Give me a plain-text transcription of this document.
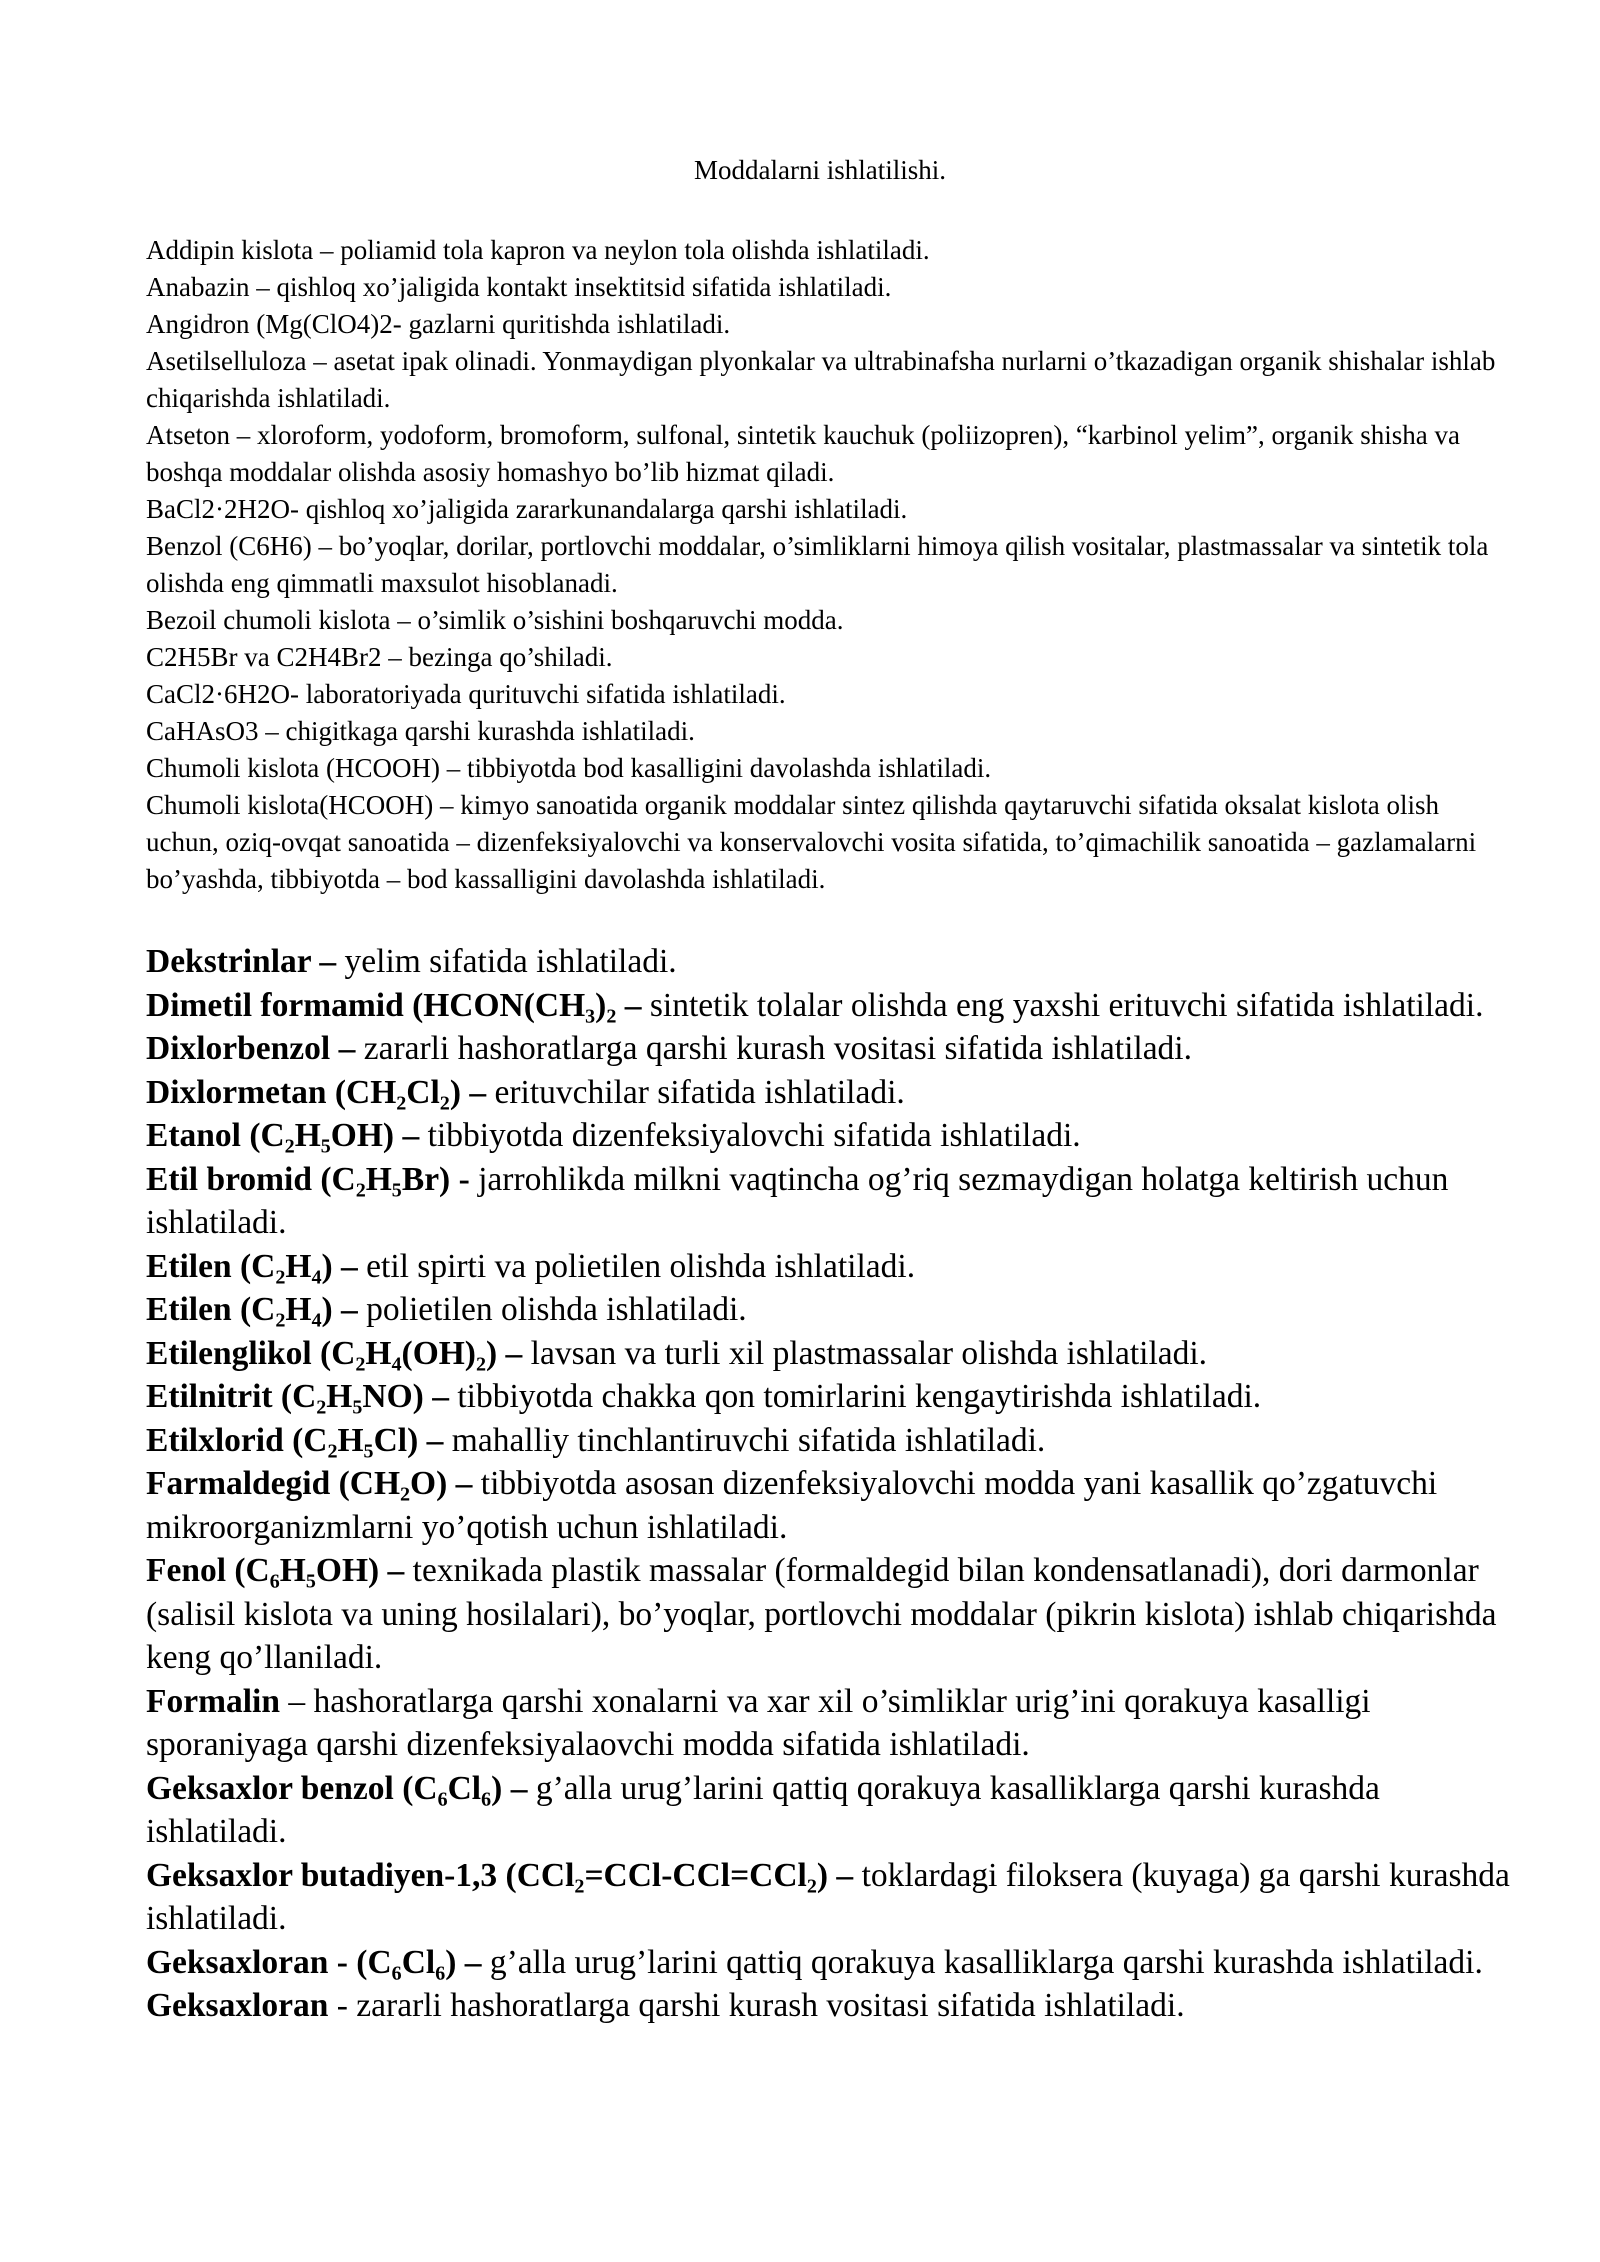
Moddalarni ishlatilishi.

Addipin kislota – poliamid tola kapron va neylon tola olishda ishlatiladi.

Anabazin – qishloq xo’jaligida kontakt insektitsid sifatida ishlatiladi.

Angidron (Mg(ClO4)2- gazlarni quritishda ishlatiladi.

Asetilselluloza – asetat ipak olinadi. Yonmaydigan plyonkalar va ultrabinafsha nurlarni o’tkazadigan organik shishalar ishlab chiqarishda ishlatiladi.

Atseton – xloroform, yodoform, bromoform, sulfonal, sintetik kauchuk (poliizopren), “karbinol yelim”, organik shisha va boshqa moddalar olishda asosiy homashyo bo’lib hizmat qiladi.

BaCl2·2H2O- qishloq xo’jaligida zararkunandalarga qarshi ishlatiladi.

Benzol (C6H6) – bo’yoqlar, dorilar, portlovchi moddalar, o’simliklarni himoya qilish vositalar, plastmassalar va sintetik tola olishda eng qimmatli maxsulot hisoblanadi.

Bezoil chumoli kislota – o’simlik o’sishini boshqaruvchi modda.

C2H5Br va C2H4Br2 – bezinga qo’shiladi.

CaCl2·6H2O- laboratoriyada qurituvchi sifatida ishlatiladi.

CaHAsO3 – chigitkaga qarshi kurashda ishlatiladi.

Chumoli kislota (HCOOH) – tibbiyotda bod kasalligini davolashda ishlatiladi.

Chumoli kislota(HCOOH) – kimyo sanoatida organik moddalar sintez qilishda qaytaruvchi sifatida oksalat kislota olish uchun, oziq-ovqat sanoatida – dizenfeksiyalovchi va konservalovchi vosita sifatida, to’qimachilik sanoatida – gazlamalarni bo’yashda, tibbiyotda – bod kassalligini davolashda ishlatiladi.

Dekstrinlar – yelim sifatida ishlatiladi.

Dimetil formamid (HCON(CH₃)₂ – sintetik tolalar olishda eng yaxshi erituvchi sifatida ishlatiladi.

Dixlorbenzol – zararli hashoratlarga qarshi kurash vositasi sifatida ishlatiladi.

Dixlormetan (CH₂Cl₂) – erituvchilar sifatida ishlatiladi.

Etanol (C₂H₅OH) – tibbiyotda dizenfeksiyalovchi sifatida ishlatiladi.

Etil bromid (C₂H₅Br) - jarrohlikda milkni vaqtincha og’riq sezmaydigan holatga keltirish uchun ishlatiladi.

Etilen (C₂H₄) – etil spirti va polietilen olishda ishlatiladi.

Etilen (C₂H₄) – polietilen olishda ishlatiladi.

Etilenglikol (C₂H₄(OH)₂) – lavsan va turli xil plastmassalar olishda ishlatiladi.

Etilnitrit (C₂H₅NO) – tibbiyotda chakka qon tomirlarini kengaytirishda ishlatiladi.

Etilxlorid (C₂H₅Cl) – mahalliy tinchlantiruvchi sifatida ishlatiladi.

Farmaldegid (CH₂O) – tibbiyotda asosan dizenfeksiyalovchi modda yani kasallik qo’zgatuvchi mikroorganizmlarni yo’qotish uchun ishlatiladi.

Fenol (C₆H₅OH) – texnikada plastik massalar (formaldegid bilan kondensatlanadi), dori darmonlar (salisil kislota va uning hosilalari), bo’yoqlar, portlovchi moddalar (pikrin kislota) ishlab chiqarishda keng qo’llaniladi.

Formalin – hashoratlarga qarshi xonalarni va xar xil o’simliklar urig’ini qorakuya kasalligi sporaniyaga qarshi dizenfeksiyalaovchi modda sifatida ishlatiladi.

Geksaxlor benzol (C₆Cl₆) – g’alla urug’larini qattiq qorakuya kasalliklarga qarshi kurashda ishlatiladi.

Geksaxlor butadiyen-1,3 (CCl₂=CCl-CCl=CCl₂) – toklardagi filoksera (kuyaga) ga qarshi kurashda ishlatiladi.

Geksaxloran - (C₆Cl₆) – g’alla urug’larini qattiq qorakuya kasalliklarga qarshi kurashda ishlatiladi.

Geksaxloran - zararli hashoratlarga qarshi kurash vositasi sifatida ishlatiladi.
